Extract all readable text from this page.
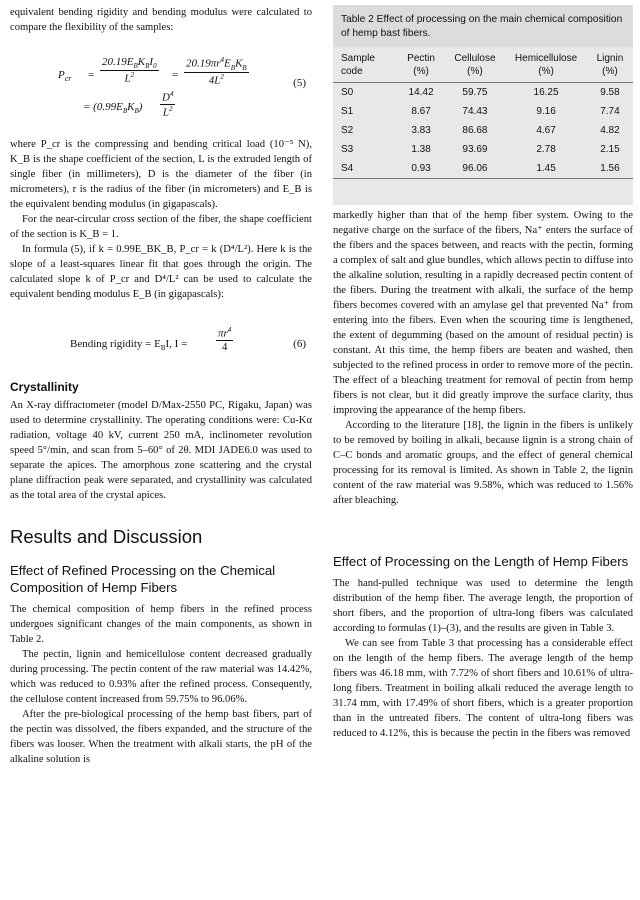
equivalent bending rigidity and bending modulus were calculated to compare the flexibility of the samples:

$P_{cr}$ =
$20.19E_BK_BI_0$
$L^2$	=
$20.19\pi r^4E_BK_B$
$4L^2$
(5)
= $(0.99E_BK_B) \frac{D^4}{L^2}$

where P_cr is the compressing and bending critical load (10⁻⁵ N), K_B is the shape coefficient of the section, L is the extruded length of single fiber (in millimeters), D is the diameter of the fiber (in micrometers), r is the radius of the fiber (in micrometers) and E_B is the equivalent bending modulus (in gigapascals).

For the near-circular cross section of the fiber, the shape coefficient of the section is K_B = 1.

In formula (5), if k = 0.99E_BK_B, P_cr = k (D⁴/L²). Here k is the slope of a least-squares linear fit that goes through the origin. The calculated slope k of P_cr and D⁴/L² can be used to calculate the equivalent bending modulus E_B (in gigapascals):

Bending rigidity = $E_BI$, I =	$\frac{\pi r^4}{4}$	(6)
Crystallinity

An X-ray diffractometer (model D/Max-2550 PC, Rigaku, Japan) was used to determine crystallinity. The operating conditions were: Cu-Kα radiation, voltage 40 kV, current 250 mA, inclinometer revolution speed 5°/min, and scan from 5–60° of 2θ. MDI JADE6.0 was used to separate the apices. The amorphous zone scattering and the crystal plane diffraction peak were separated, and crystallinity was calculated as the total area of the crystal apices.

Results and Discussion
Effect of Refined Processing on the Chemical Composition of Hemp Fibers

The chemical composition of hemp fibers in the refined process undergoes significant changes of the main components, as shown in Table 2.

The pectin, lignin and hemicellulose content decreased gradually during processing. The pectin content of the raw material was 14.42%, which was reduced to 0.93% after the refined process. Consequently, the cellulose content increased from 59.75% to 96.06%.

After the pre-biological processing of the hemp bast fibers, part of the pectin was dissolved, the fibers expanded, and the structure of the fibers was looser. When the treatment with alkali starts, the pH of the alkaline solution is

Table 2 Effect of processing on the main chemical composition of hemp bast fibers.
Sample code	Pectin (%)	Cellulose (%)	Hemicellulose (%)	Lignin (%)
S0	14.42	59.75	16.25	9.58
S1	8.67	74.43	9.16	7.74
S2	3.83	86.68	4.67	4.82
S3	1.38	93.69	2.78	2.15
S4	0.93	96.06	1.45	1.56

markedly higher than that of the hemp fiber system. Owing to the negative charge on the surface of the fibers, Na⁺ enters the surface of the fibers and the spaces between, and reacts with the pectin, forming a complex of salt and glue bundles, which allows pectin to diffuse into the alkaline solution, resulting in a rapidly decreased pectin content of the fibers. During the treatment with alkali, the surface of the hemp fibers becomes covered with an amylase gel that prevented Na⁺ from entering into the fibers. Even when the scouring time is lengthened, the extent of degumming (based on the amount of residual pectin) is constant. At this time, the hemp fibers are beaten and washed, then subjected to the refined process in order to remove more of the pectin. The effect of a bleaching treatment for removal of pectin from hemp fibers is not clear, but it did greatly improve the surface clarity, thus improving the appearance of the hemp fibers.

According to the literature [18], the lignin in the fibers is unlikely to be removed by boiling in alkali, because lignin is a strong chain of C–C bonds and aromatic groups, and the effect of general chemical processing for its removal is limited. As shown in Table 2, the lignin content of the raw material was 9.58%, which was reduced to 1.56% after bleaching.

Effect of Processing on the Length of Hemp Fibers

The hand-pulled technique was used to determine the length distribution of the hemp fiber. The average length, the proportion of short fibers, and the proportion of ultra-long fibers was calculated according to formulas (1)–(3), and the results are given in Table 3.

We can see from Table 3 that processing has a considerable effect on the length of the hemp fibers. The average length of the hemp fibers was 46.18 mm, with 7.72% of short fibers and 10.61% of ultra-long fibers. Treatment in boiling alkali reduced the average length to 31.74 mm, with 17.49% of short fibers, which is a greater proportion than in the untreated fibers. The content of ultra-long fibers was reduced to 4.12%, this is because the pectin in the fibers was removed
